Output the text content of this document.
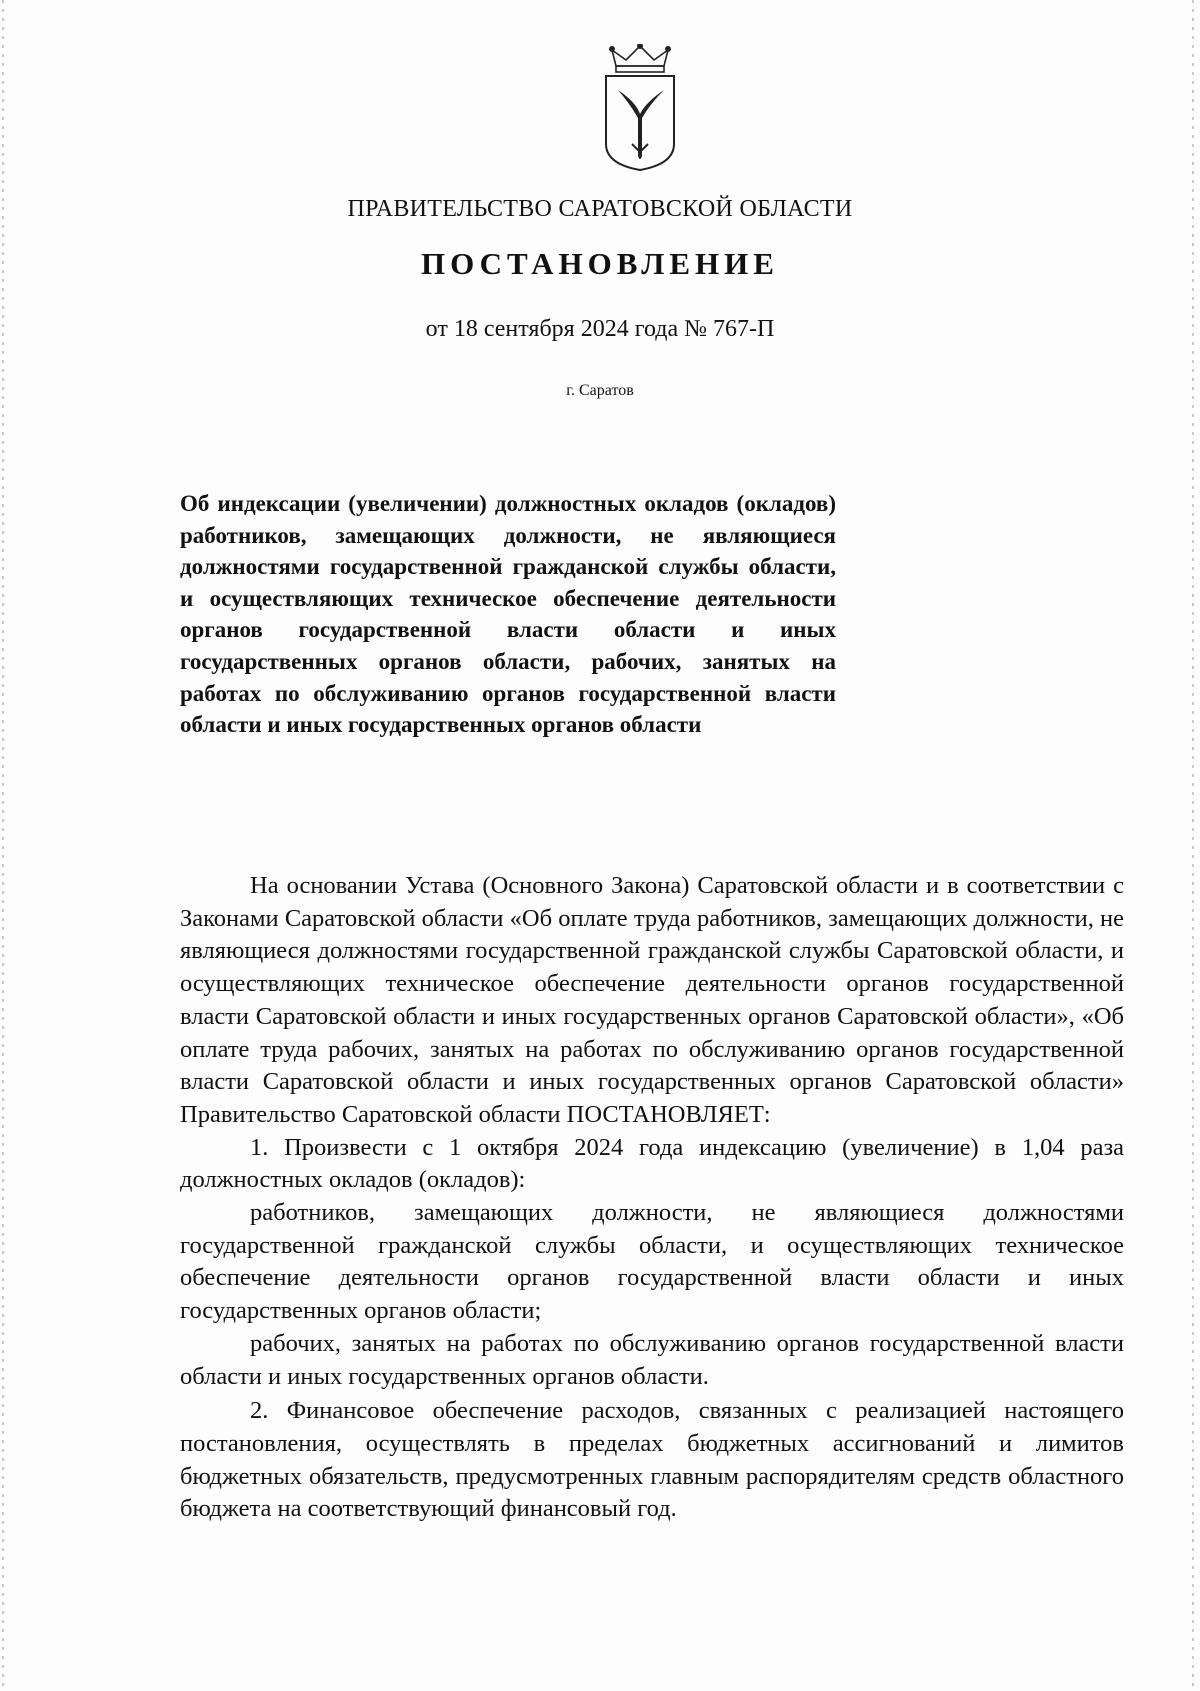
ПРАВИТЕЛЬСТВО САРАТОВСКОЙ ОБЛАСТИ
ПОСТАНОВЛЕНИЕ
от 18 сентября 2024 года № 767-П
г. Саратов
Об индексации (увеличении) должностных окладов (окладов) работников, замещающих должности, не являющиеся должностями государственной гражданской службы области, и осуществляющих техническое обеспечение деятельности органов государственной власти области и иных государственных органов области, рабочих, занятых на работах по обслуживанию органов государственной власти области и иных государственных органов области

На основании Устава (Основного Закона) Саратовской области и в соответствии с Законами Саратовской области «Об оплате труда работников, замещающих должности, не являющиеся должностями государственной гражданской службы Саратовской области, и осуществляющих техническое обеспечение деятельности органов государственной власти Саратовской области и иных государственных органов Саратовской области», «Об оплате труда рабочих, занятых на работах по обслуживанию органов государственной власти Саратовской области и иных государственных органов Саратовской области» Правительство Саратовской области ПОСТАНОВЛЯЕТ:

1. Произвести с 1 октября 2024 года индексацию (увеличение) в 1,04 раза должностных окладов (окладов):

работников, замещающих должности, не являющиеся должностями государственной гражданской службы области, и осуществляющих техническое обеспечение деятельности органов государственной власти области и иных государственных органов области;

рабочих, занятых на работах по обслуживанию органов государственной власти области и иных государственных органов области.

2. Финансовое обеспечение расходов, связанных с реализацией настоящего постановления, осуществлять в пределах бюджетных ассигнований и лимитов бюджетных обязательств, предусмотренных главным распорядителям средств областного бюджета на соответствующий финансовый год.
